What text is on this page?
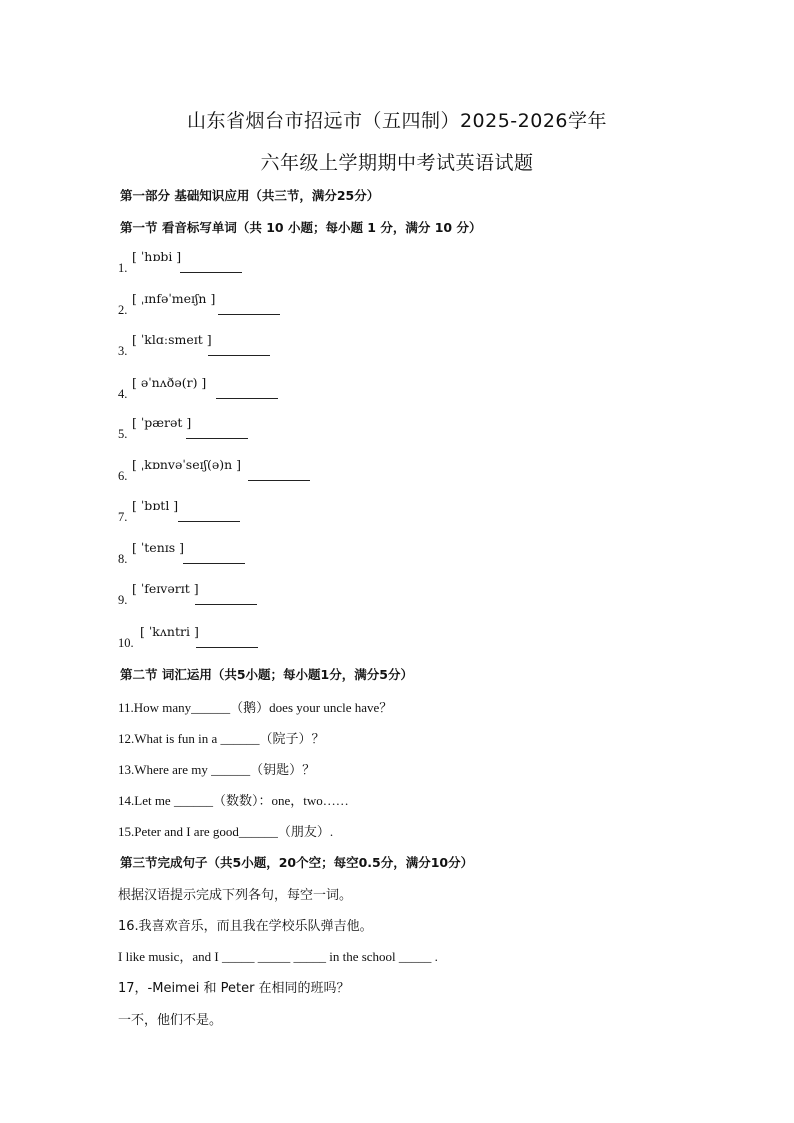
山东省烟台市招远市（五四制）2025-2026学年
六年级上学期期中考试英语试题
第一部分 基础知识应用（共三节，满分25分）
第一节 看音标写单词（共 10 小题；每小题 1 分，满分 10 分）
1.
[ ˈhɒbi ]
2.
[ ˌɪnfəˈmeɪʃn ]
3.
[ ˈklɑːsmeɪt ]
4.
[ əˈnʌðə(r) ]
5.
[ ˈpærət ]
6.
[ ˌkɒnvəˈseɪʃ(ə)n ]
7.
[ ˈbɒtl ]
8.
[ ˈtenɪs ]
9.
[ ˈfeɪvərɪt ]
10.
[ ˈkʌntri ]
第二节 词汇运用（共5小题；每小题1分，满分5分）
11.How many______（鹅）does your uncle have？
12.What is fun in a ______（院子）？
13.Where are my ______（钥匙）？
14.Let me ______（数数）：one，two……
15.Peter and I are good______（朋友）.
第三节完成句子（共5小题，20个空；每空0.5分，满分10分）
根据汉语提示完成下列各句，每空一词。
16.我喜欢音乐，而且我在学校乐队弹吉他。
I like music，and I _____ _____ _____ in the school _____ .
17，-Meimei 和 Peter 在相同的班吗？
一不，他们不是。
